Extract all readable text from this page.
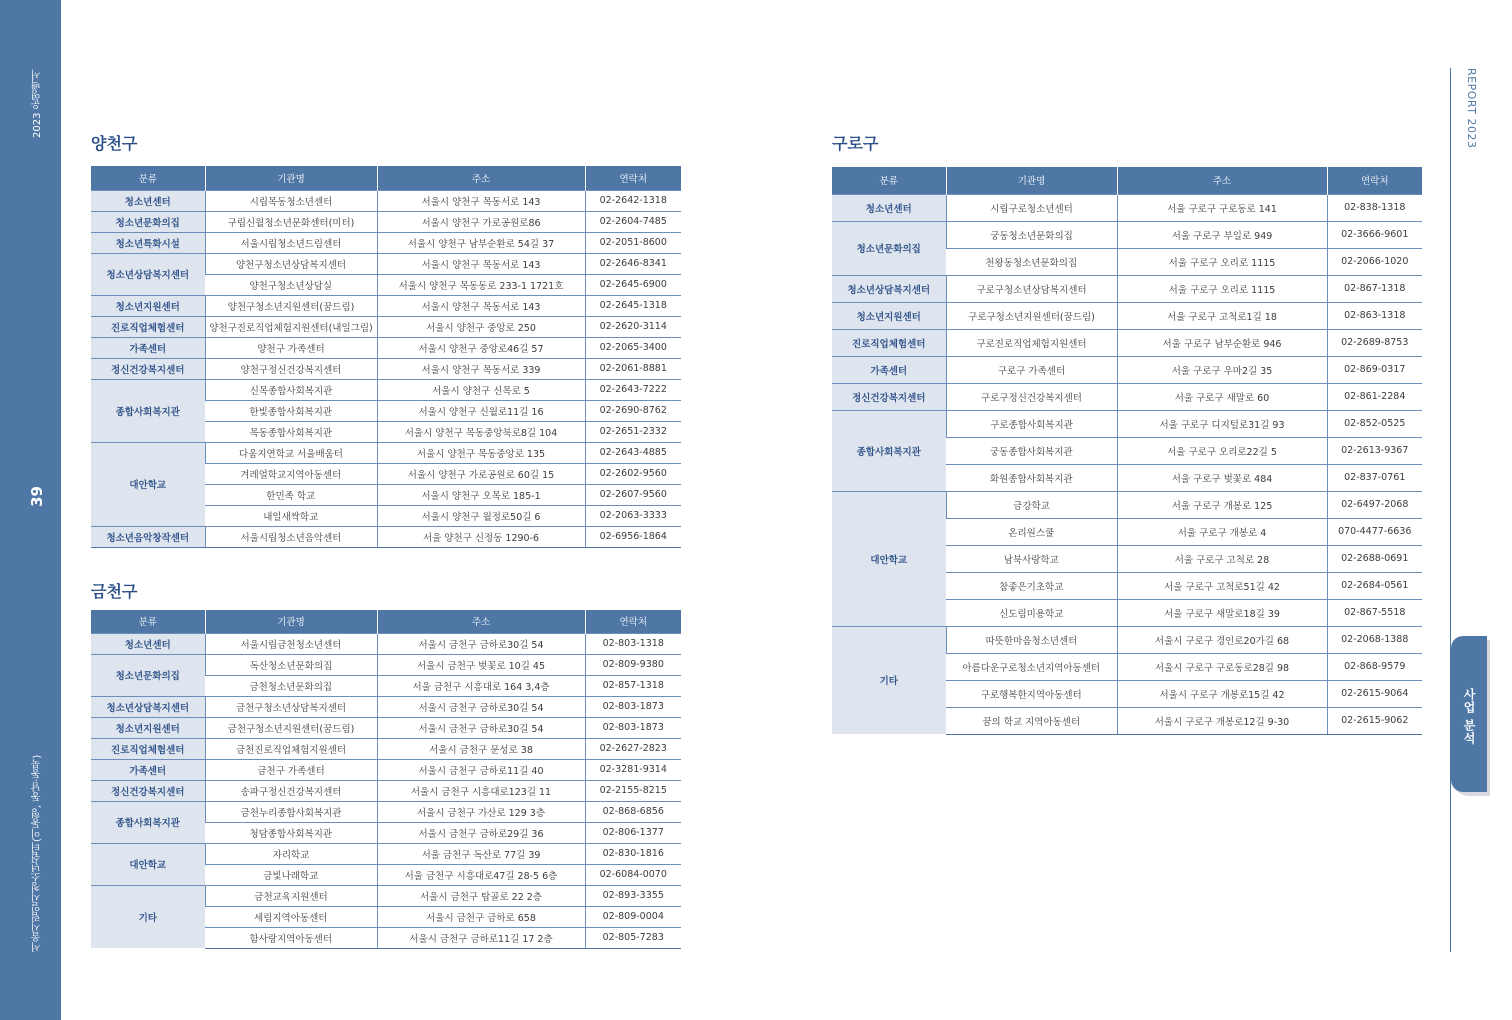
2023 운영백서
39
서울시립일시청소년쉼터(이동형, 동남·동북)
REPORT 2023
사업 분석
양천구
분류	기관명	주소	연락처
청소년센터	시립목동청소년센터	서울시 양천구 목동서로 143	02-2642-1318
청소년문화의집	구립신월청소년문화센터(미터)	서울시 양천구 가로공원로86	02-2604-7485
청소년특화시설	서울시립청소년드림센터	서울시 양천구 남부순환로 54길 37	02-2051-8600
청소년상담복지센터	양천구청소년상담복지센터	서울시 양천구 목동서로 143	02-2646-8341
	양천구청소년상담실	서울시 양천구 목동동로 233-1 1721호	02-2645-6900
청소년지원센터	양천구청소년지원센터(꿈드림)	서울시 양천구 목동서로 143	02-2645-1318
진로직업체험센터	양천구진로직업체험지원센터(내일그림)	서울시 양천구 중앙로 250	02-2620-3114
가족센터	양천구 가족센터	서울시 양천구 중앙로46길 57	02-2065-3400
정신건강복지센터	양천구정신건강복지센터	서울시 양천구 목동서로 339	02-2061-8881
종합사회복지관	신목종합사회복지관	서울시 양천구 신목로 5	02-2643-7222
	한빛종합사회복지관	서울시 양천구 신월로11길 16	02-2690-8762
	목동종합사회복지관	서울시 양천구 목동중앙북로8길 104	02-2651-2332
대안학교	다움지연학교 서울배움터	서울시 양천구 목동중앙로 135	02-2643-4885
	겨레얼학교지역아동센터	서울시 양천구 가로공원로 60길 15	02-2602-9560
	한민족 학교	서울시 양천구 오목로 185-1	02-2607-9560
	내일새싹학교	서울시 양천구 월정로50길 6	02-2063-3333
청소년음악창작센터	서울시립청소년음악센터	서울 양천구 신정동 1290-6	02-6956-1864
금천구
분류	기관명	주소	연락처
청소년센터	서울시립금천청소년센터	서울시 금천구 금하로30길 54	02-803-1318
청소년문화의집	독산청소년문화의집	서울시 금천구 벚꽃로 10길 45	02-809-9380
	금천청소년문화의집	서울 금천구 시흥대로 164 3,4층	02-857-1318
청소년상담복지센터	금천구청소년상담복지센터	서울시 금천구 금하로30길 54	02-803-1873
청소년지원센터	금천구청소년지원센터(꿈드림)	서울시 금천구 금하로30길 54	02-803-1873
진로직업체험센터	금천진로직업체험지원센터	서울시 금천구 문성로 38	02-2627-2823
가족센터	금천구 가족센터	서울시 금천구 금하로11길 40	02-3281-9314
정신건강복지센터	송파구정신건강복지센터	서울시 금천구 시흥대로123길 11	02-2155-8215
종합사회복지관	금천누리종합사회복지관	서울시 금천구 가산로 129 3층	02-868-6856
	청담종합사회복지관	서울시 금천구 금하로29길 36	02-806-1377
대안학교	자리학교	서울 금천구 독산로 77길 39	02-830-1816
	금빛나래학교	서울 금천구 시흥대로47길 28-5 6층	02-6084-0070
기타	금천교육지원센터	서울시 금천구 탑골로 22 2층	02-893-3355
	세림지역아동센터	서울시 금천구 금하로 658	02-809-0004
	함사랑지역아동센터	서울시 금천구 금하로11길 17 2층	02-805-7283
구로구
분류	기관명	주소	연락처
청소년센터	시립구로청소년센터	서울 구로구 구로동로 141	02-838-1318
청소년문화의집	궁동청소년문화의집	서울 구로구 부일로 949	02-3666-9601
	천왕동청소년문화의집	서울 구로구 오리로 1115	02-2066-1020
청소년상담복지센터	구로구청소년상담복지센터	서울 구로구 오리로 1115	02-867-1318
청소년지원센터	구로구청소년지원센터(꿈드림)	서울 구로구 고척로1길 18	02-863-1318
진로직업체험센터	구로진로직업체험지원센터	서울 구로구 남부순환로 946	02-2689-8753
가족센터	구로구 가족센터	서울 구로구 우마2길 35	02-869-0317
정신건강복지센터	구로구정신건강복지센터	서울 구로구 새말로 60	02-861-2284
종합사회복지관	구로종합사회복지관	서울 구로구 디지털로31길 93	02-852-0525
	궁동종합사회복지관	서울 구로구 오리로22길 5	02-2613-9367
	화원종합사회복지관	서울 구로구 벚꽃로 484	02-837-0761
대안학교	금강학교	서울 구로구 개봉로 125	02-6497-2068
	온리원스쿨	서울 구로구 개봉로 4	070-4477-6636
	남북사랑학교	서울 구로구 고척로 28	02-2688-0691
	참좋은기초학교	서울 구로구 고척로51길 42	02-2684-0561
	신도림미용학교	서울 구로구 새말로18길 39	02-867-5518
기타	따뜻한마음청소년센터	서울시 구로구 경인로20가길 68	02-2068-1388
	아름다운구로청소년지역아동센터	서울시 구로구 구로동로28길 98	02-868-9579
	구로행복한지역아동센터	서울시 구로구 개봉로15길 42	02-2615-9064
	꿈의 학교 지역아동센터	서울시 구로구 개봉로12길 9-30	02-2615-9062
